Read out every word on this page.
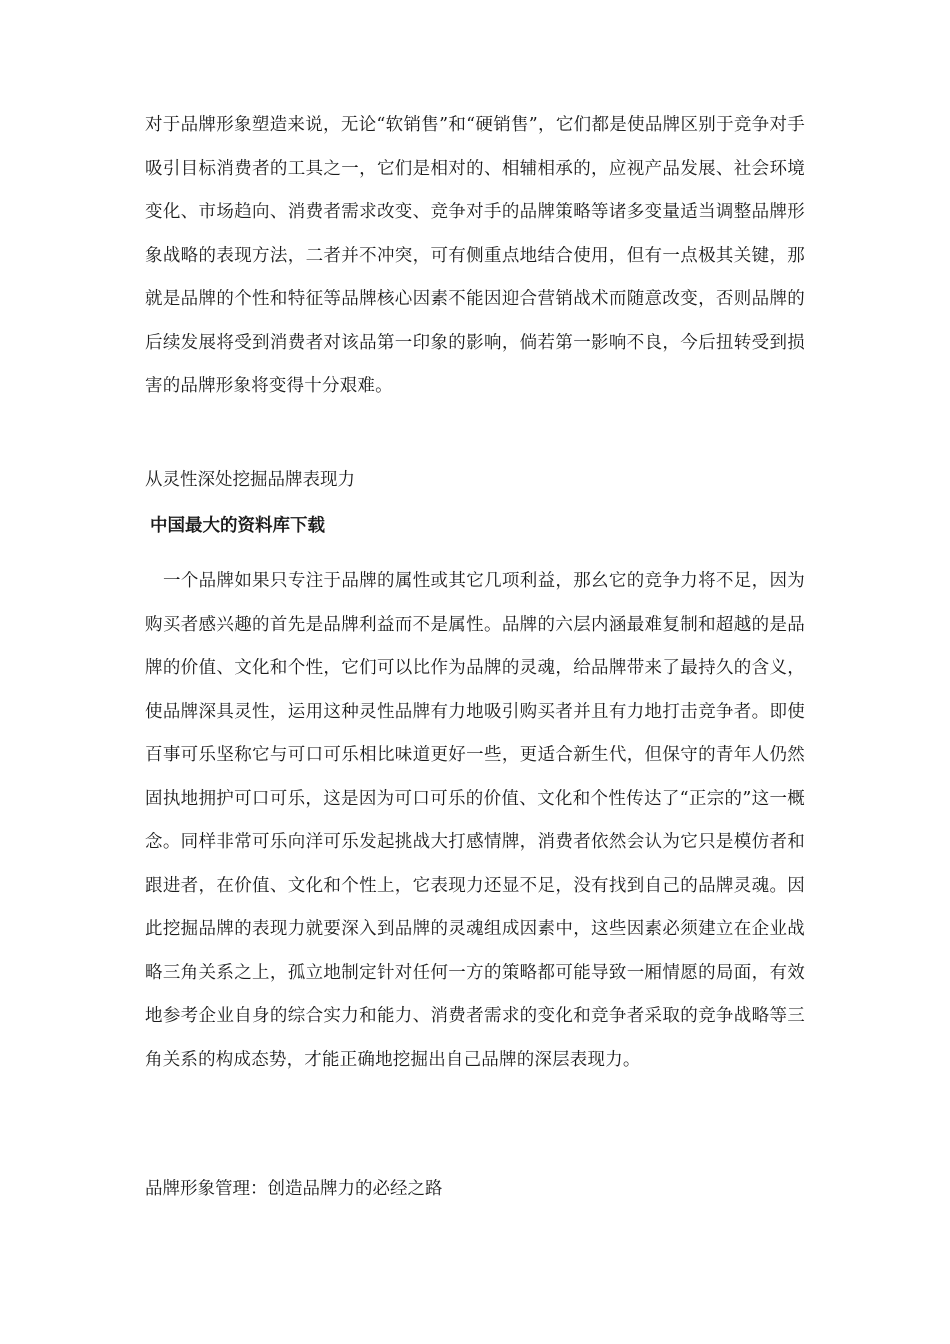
对于品牌形象塑造来说，无论“软销售”和“硬销售”，它们都是使品牌区别于竞争对手吸引目标消费者的工具之一，它们是相对的、相辅相承的，应视产品发展、社会环境变化、市场趋向、消费者需求改变、竞争对手的品牌策略等诸多变量适当调整品牌形象战略的表现方法，二者并不冲突，可有侧重点地结合使用，但有一点极其关键，那就是品牌的个性和特征等品牌核心因素不能因迎合营销战术而随意改变，否则品牌的后续发展将受到消费者对该品第一印象的影响，倘若第一影响不良，今后扭转受到损害的品牌形象将变得十分艰难。

从灵性深处挖掘品牌表现力
中国最大的资料库下载

一个品牌如果只专注于品牌的属性或其它几项利益，那幺它的竞争力将不足，因为购买者感兴趣的首先是品牌利益而不是属性。品牌的六层内涵最难复制和超越的是品牌的价值、文化和个性，它们可以比作为品牌的灵魂，给品牌带来了最持久的含义，使品牌深具灵性，运用这种灵性品牌有力地吸引购买者并且有力地打击竞争者。即使百事可乐坚称它与可口可乐相比味道更好一些，更适合新生代，但保守的青年人仍然固执地拥护可口可乐，这是因为可口可乐的价值、文化和个性传达了“正宗的”这一概念。同样非常可乐向洋可乐发起挑战大打感情牌，消费者依然会认为它只是模仿者和跟进者，在价值、文化和个性上，它表现力还显不足，没有找到自己的品牌灵魂。因此挖掘品牌的表现力就要深入到品牌的灵魂组成因素中，这些因素必须建立在企业战略三角关系之上，孤立地制定针对任何一方的策略都可能导致一厢情愿的局面，有效地参考企业自身的综合实力和能力、消费者需求的变化和竞争者采取的竞争战略等三角关系的构成态势，才能正确地挖掘出自己品牌的深层表现力。

品牌形象管理：创造品牌力的必经之路
